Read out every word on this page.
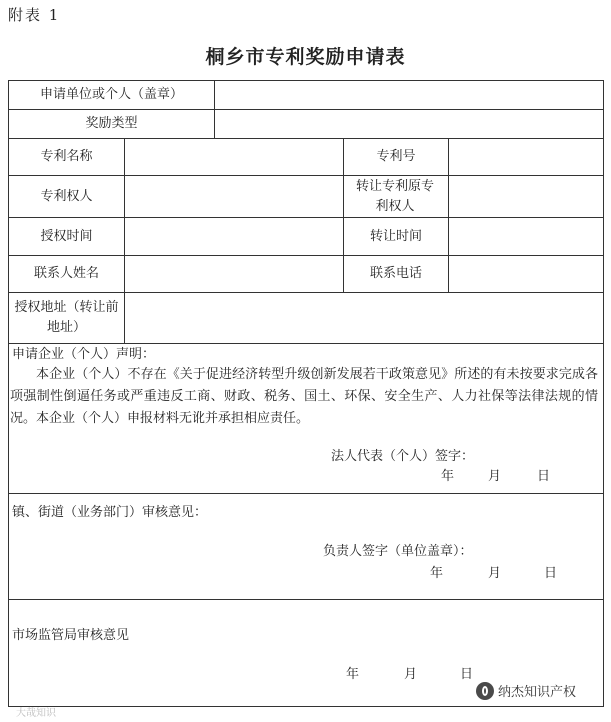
附表 1
桐乡市专利奖励申请表
申请单位或个人（盖章）
奖励类型
专利名称	专利号
专利权人
转让专利原专利权人
授权时间	转让时间
联系人姓名	联系电话
授权地址（转让前地址）
申请企业（个人）声明：
本企业（个人）不存在《关于促进经济转型升级创新发展若干政策意见》所述的有未按要求完成各项强制性倒逼任务或严重违反工商、财政、税务、国土、环保、安全生产、人力社保等法律法规的情况。本企业（个人）申报材料无讹并承担相应责任。
法人代表（个人）签字：
年	月	日
镇、街道（业务部门）审核意见：
负责人签字（单位盖章）：
年	月	日
市场监管局审核意见
年	月	日
纳杰知识产权
大哉知识
